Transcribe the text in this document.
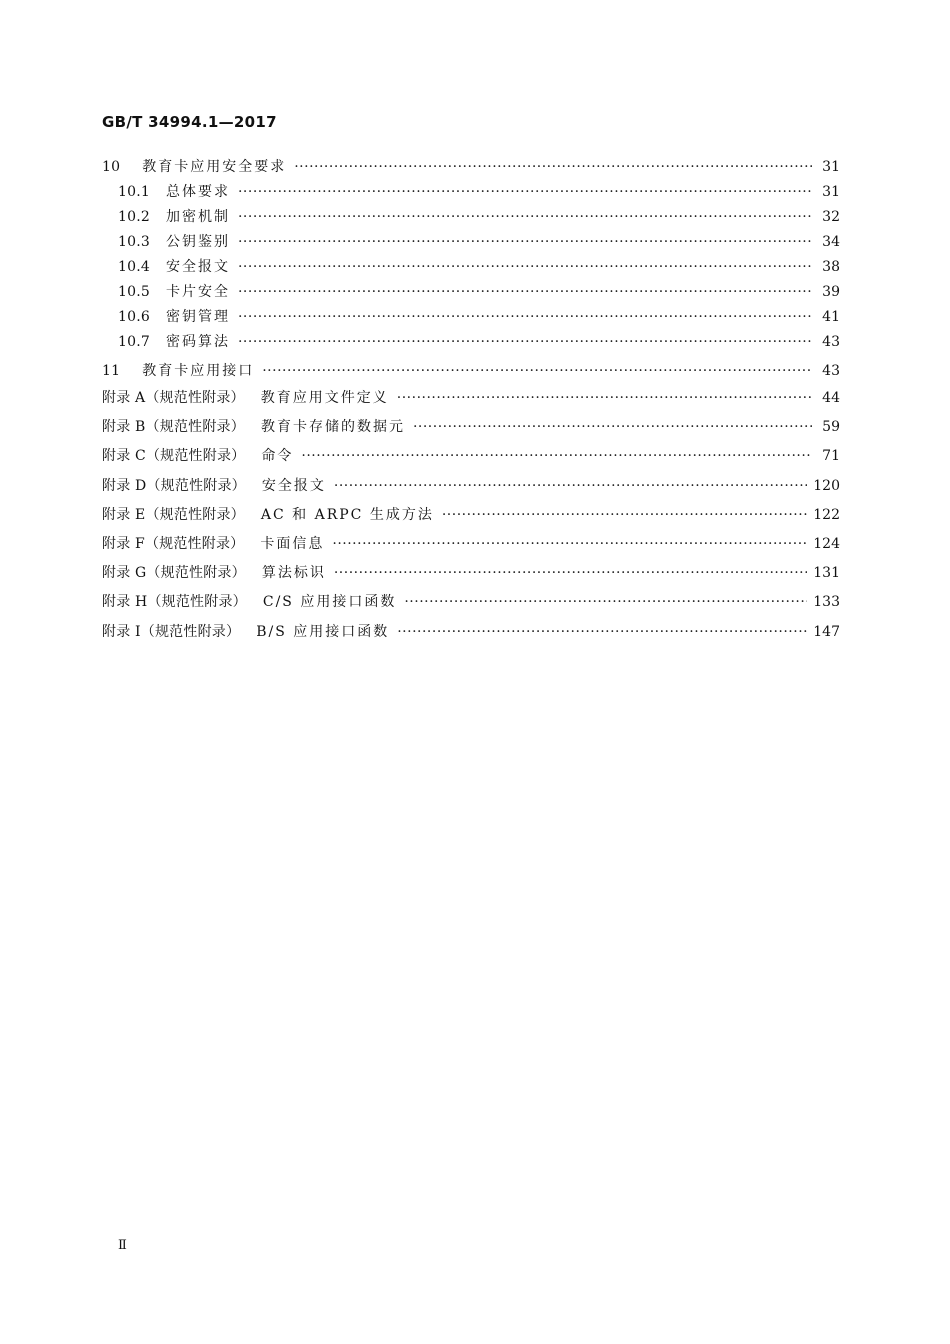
GB/T 34994.1—2017
10 教育卡应用安全要求 ·····	31
10.1 总体要求 ·····	31
10.2 加密机制 ·····	32
10.3 公钥鉴别 ·····	34
10.4 安全报文 ·····	38
10.5 卡片安全 ·····	39
10.6 密钥管理 ·····	41
10.7 密码算法 ·····	43
11 教育卡应用接口 ·····	43
附录 A（规范性附录） 教育应用文件定义 ·····	44
附录 B（规范性附录） 教育卡存储的数据元 ·····	59
附录 C（规范性附录） 命令 ·····	71
附录 D（规范性附录） 安全报文 ·····	120
附录 E（规范性附录） AC 和 ARPC 生成方法 ·····	122
附录 F（规范性附录） 卡面信息 ·····	124
附录 G（规范性附录） 算法标识 ·····	131
附录 H（规范性附录） C/S 应用接口函数 ·····	133
附录 I（规范性附录） B/S 应用接口函数 ·····	147
Ⅱ
